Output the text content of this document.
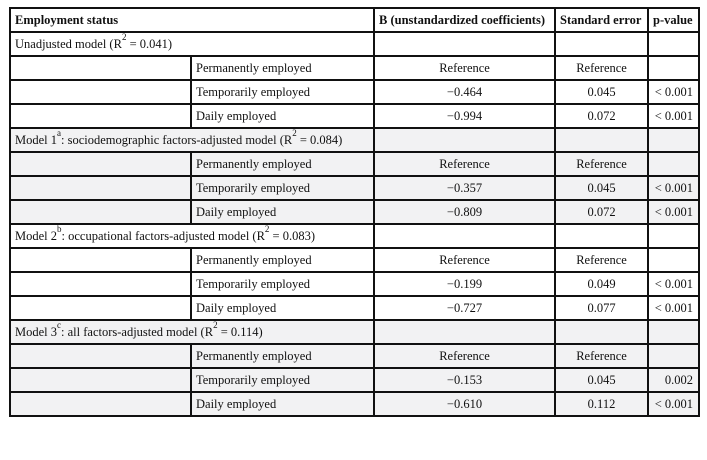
Employment status		B (unstandardized coefficients)	Standard error	p-value
Unadjusted model $(R^2 = 0.041)$				
	Permanently employed	Reference	Reference	
	Temporarily employed	−0.464	0.045	< 0.001
	Daily employed	−0.994	0.072	< 0.001
Model 1$^a$: sociodemographic factors-adjusted model $(R^2 = 0.084)$				
	Permanently employed	Reference	Reference	
	Temporarily employed	−0.357	0.045	< 0.001
	Daily employed	−0.809	0.072	< 0.001
Model 2$^b$: occupational factors-adjusted model $(R^2 = 0.083)$				
	Permanently employed	Reference	Reference	
	Temporarily employed	−0.199	0.049	< 0.001
	Daily employed	−0.727	0.077	< 0.001
Model 3$^c$: all factors-adjusted model $(R^2 = 0.114)$				
	Permanently employed	Reference	Reference	
	Temporarily employed	−0.153	0.045	0.002
	Daily employed	−0.610	0.112	< 0.001
